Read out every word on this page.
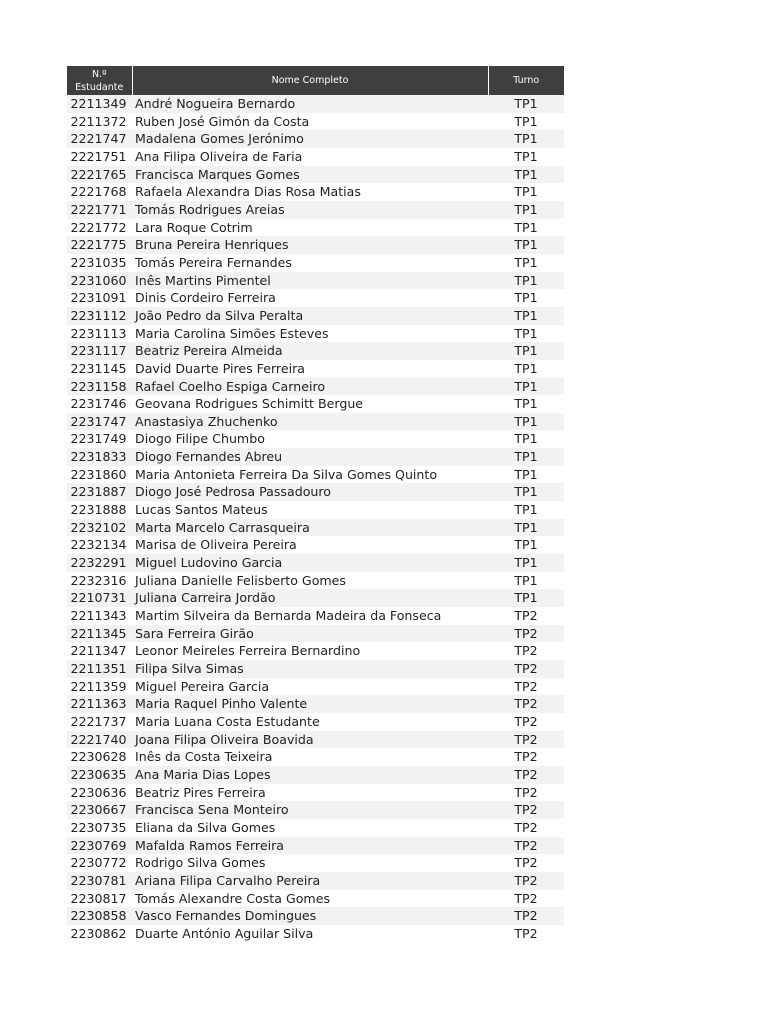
N.º
Estudante	Nome Completo	Turno
2211349	André Nogueira Bernardo	TP1
2211372	Ruben José Gimón da Costa	TP1
2221747	Madalena Gomes Jerónimo	TP1
2221751	Ana Filipa Oliveira de Faria	TP1
2221765	Francisca Marques Gomes	TP1
2221768	Rafaela Alexandra Dias Rosa Matias	TP1
2221771	Tomás Rodrigues Areias	TP1
2221772	Lara Roque Cotrim	TP1
2221775	Bruna Pereira Henriques	TP1
2231035	Tomás Pereira Fernandes	TP1
2231060	Inês Martins Pimentel	TP1
2231091	Dinis Cordeiro Ferreira	TP1
2231112	João Pedro da Silva Peralta	TP1
2231113	Maria Carolina Simões Esteves	TP1
2231117	Beatriz Pereira Almeida	TP1
2231145	David Duarte Pires Ferreira	TP1
2231158	Rafael Coelho Espiga Carneiro	TP1
2231746	Geovana Rodrigues Schimitt Bergue	TP1
2231747	Anastasiya Zhuchenko	TP1
2231749	Diogo Filipe Chumbo	TP1
2231833	Diogo Fernandes Abreu	TP1
2231860	Maria Antonieta Ferreira Da Silva Gomes Quinto	TP1
2231887	Diogo José Pedrosa Passadouro	TP1
2231888	Lucas Santos Mateus	TP1
2232102	Marta Marcelo Carrasqueira	TP1
2232134	Marisa de Oliveira Pereira	TP1
2232291	Miguel Ludovino Garcia	TP1
2232316	Juliana Danielle Felisberto Gomes	TP1
2210731	Juliana Carreira Jordão	TP1
2211343	Martim Silveira da Bernarda Madeira da Fonseca	TP2
2211345	Sara Ferreira Girão	TP2
2211347	Leonor Meireles Ferreira Bernardino	TP2
2211351	Filipa Silva Simas	TP2
2211359	Miguel Pereira Garcia	TP2
2211363	Maria Raquel Pinho Valente	TP2
2221737	Maria Luana Costa Estudante	TP2
2221740	Joana Filipa Oliveira Boavida	TP2
2230628	Inês da Costa Teixeira	TP2
2230635	Ana Maria Dias Lopes	TP2
2230636	Beatriz Pires Ferreira	TP2
2230667	Francisca Sena Monteiro	TP2
2230735	Eliana da Silva Gomes	TP2
2230769	Mafalda Ramos Ferreira	TP2
2230772	Rodrigo Silva Gomes	TP2
2230781	Ariana Filipa Carvalho Pereira	TP2
2230817	Tomás Alexandre Costa Gomes	TP2
2230858	Vasco Fernandes Domingues	TP2
2230862	Duarte António Aguilar Silva	TP2
